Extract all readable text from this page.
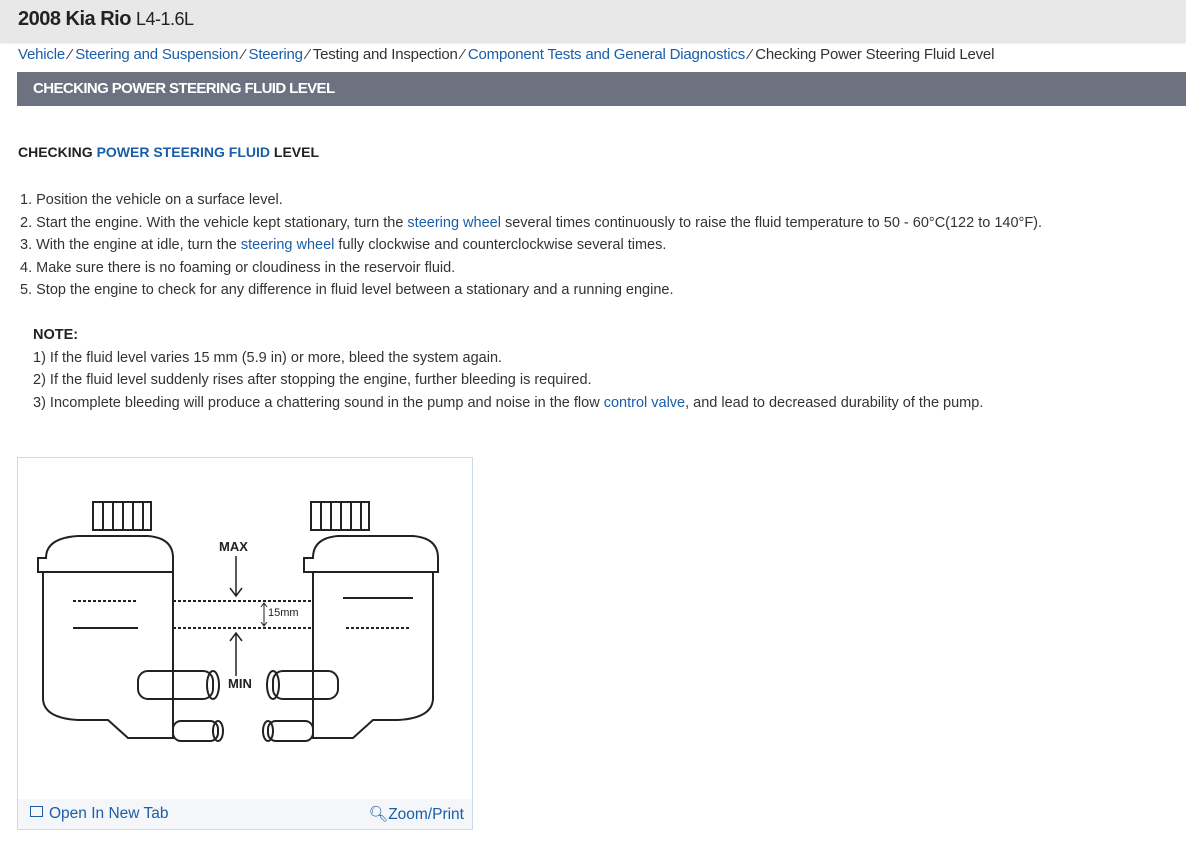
2008 Kia Rio L4-1.6L
Vehicle ⁄ Steering and Suspension ⁄ Steering ⁄ Testing and Inspection ⁄ Component Tests and General Diagnostics ⁄ Checking Power Steering Fluid Level
CHECKING POWER STEERING FLUID LEVEL
CHECKING POWER STEERING FLUID LEVEL
1. Position the vehicle on a surface level.
2. Start the engine. With the vehicle kept stationary, turn the steering wheel several times continuously to raise the fluid temperature to 50 - 60°C(122 to 140°F).
3. With the engine at idle, turn the steering wheel fully clockwise and counterclockwise several times.
4. Make sure there is no foaming or cloudiness in the reservoir fluid.
5. Stop the engine to check for any difference in fluid level between a stationary and a running engine.
NOTE:
1) If the fluid level varies 15 mm (5.9 in) or more, bleed the system again.
2) If the fluid level suddenly rises after stopping the engine, further bleeding is required.
3) Incomplete bleeding will produce a chattering sound in the pump and noise in the flow control valve, and lead to decreased durability of the pump.
MAX
MIN
15mm
Open In New Tab	🔍︎Zoom/Print
